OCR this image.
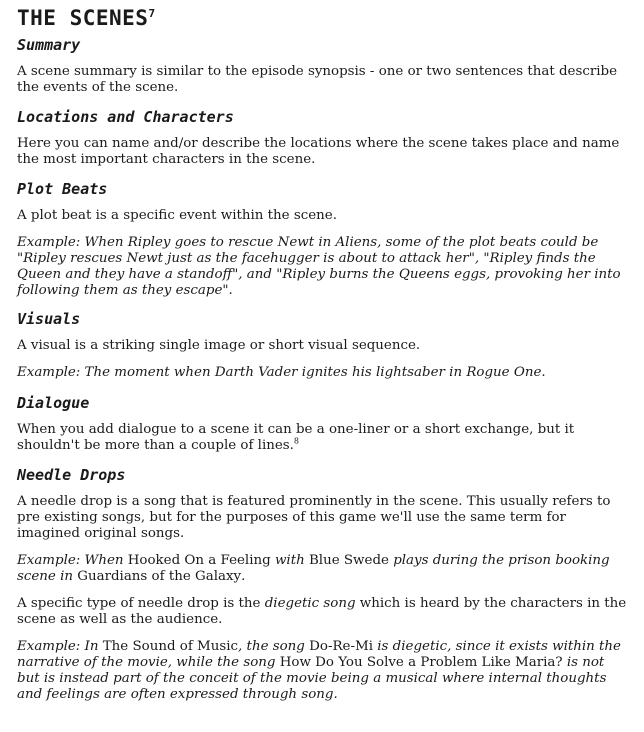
THE SCENES$^7$
Summary

A scene summary is similar to the episode synopsis - one or two sentences that describe the events of the scene.

Locations and Characters

Here you can name and/or describe the locations where the scene takes place and name the most important characters in the scene.

Plot Beats

A plot beat is a specific event within the scene.

Example: When Ripley goes to rescue Newt in Aliens, some of the plot beats could be "Ripley rescues Newt just as the facehugger is about to attack her", "Ripley finds the Queen and they have a standoff", and "Ripley burns the Queens eggs, provoking her into following them as they escape".

Visuals

A visual is a striking single image or short visual sequence.

Example: The moment when Darth Vader ignites his lightsaber in Rogue One.

Dialogue

When you add dialogue to a scene it can be a one-liner or a short exchange, but it shouldn't be more than a couple of lines.$^8$

Needle Drops

A needle drop is a song that is featured prominently in the scene. This usually refers to pre existing songs, but for the purposes of this game we'll use the same term for imagined original songs.

Example: When Hooked On a Feeling with Blue Swede plays during the prison booking scene in Guardians of the Galaxy.

A specific type of needle drop is the diegetic song which is heard by the characters in the scene as well as the audience.

Example: In The Sound of Music, the song Do-Re-Mi is diegetic, since it exists within the narrative of the movie, while the song How Do You Solve a Problem Like Maria? is not but is instead part of the conceit of the movie being a musical where internal thoughts and feelings are often expressed through song.
